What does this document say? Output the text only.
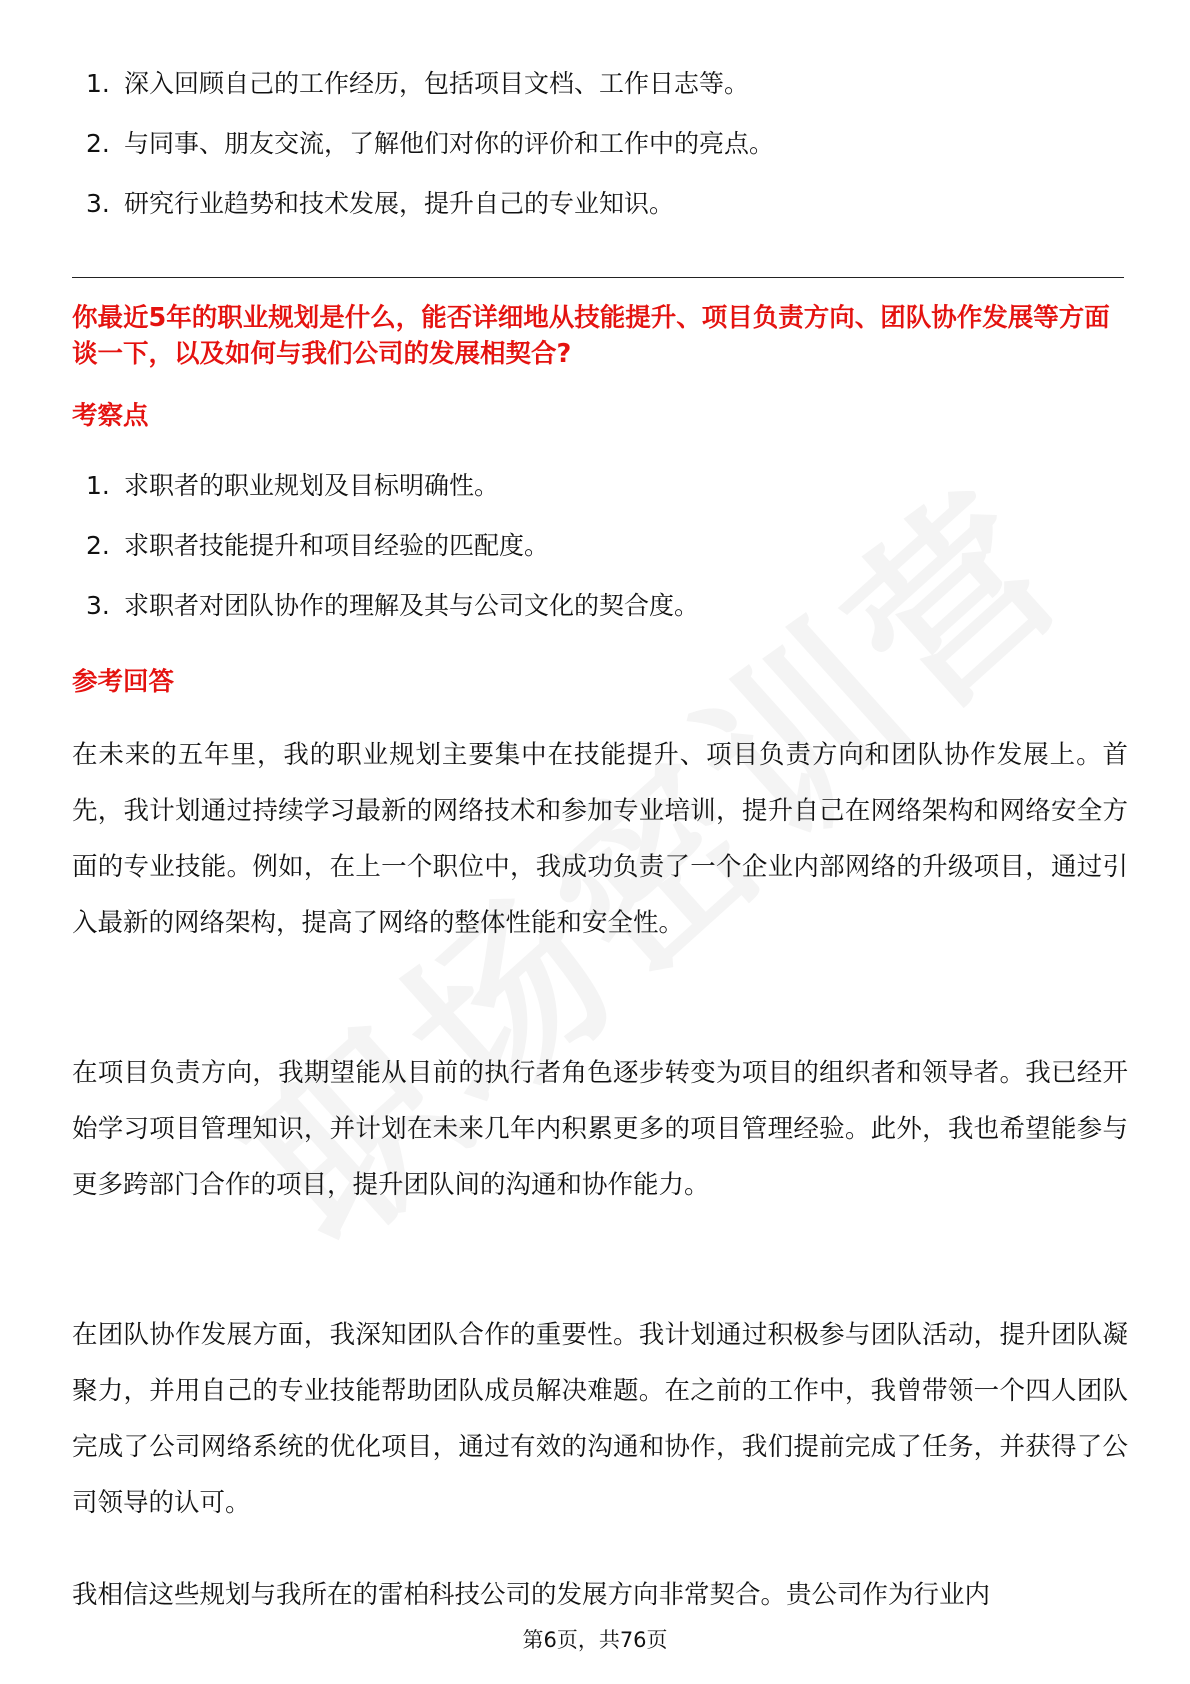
1. 深入回顾自己的工作经历，包括项目文档、工作日志等。
2. 与同事、朋友交流，了解他们对你的评价和工作中的亮点。
3. 研究行业趋势和技术发展，提升自己的专业知识。
你最近5年的职业规划是什么，能否详细地从技能提升、项目负责方向、团队协作发展等方面谈一下，以及如何与我们公司的发展相契合?
考察点
1. 求职者的职业规划及目标明确性。
2. 求职者技能提升和项目经验的匹配度。
3. 求职者对团队协作的理解及其与公司文化的契合度。
参考回答

在未来的五年里，我的职业规划主要集中在技能提升、项目负责方向和团队协作发展上。首先，我计划通过持续学习最新的网络技术和参加专业培训，提升自己在网络架构和网络安全方面的专业技能。例如，在上一个职位中，我成功负责了一个企业内部网络的升级项目，通过引入最新的网络架构，提高了网络的整体性能和安全性。

在项目负责方向，我期望能从目前的执行者角色逐步转变为项目的组织者和领导者。我已经开始学习项目管理知识，并计划在未来几年内积累更多的项目管理经验。此外，我也希望能参与更多跨部门合作的项目，提升团队间的沟通和协作能力。

在团队协作发展方面，我深知团队合作的重要性。我计划通过积极参与团队活动，提升团队凝聚力，并用自己的专业技能帮助团队成员解决难题。在之前的工作中，我曾带领一个四人团队完成了公司网络系统的优化项目，通过有效的沟通和协作，我们提前完成了任务，并获得了公司领导的认可。

我相信这些规划与我所在的雷柏科技公司的发展方向非常契合。贵公司作为行业内

第6页，共76页
